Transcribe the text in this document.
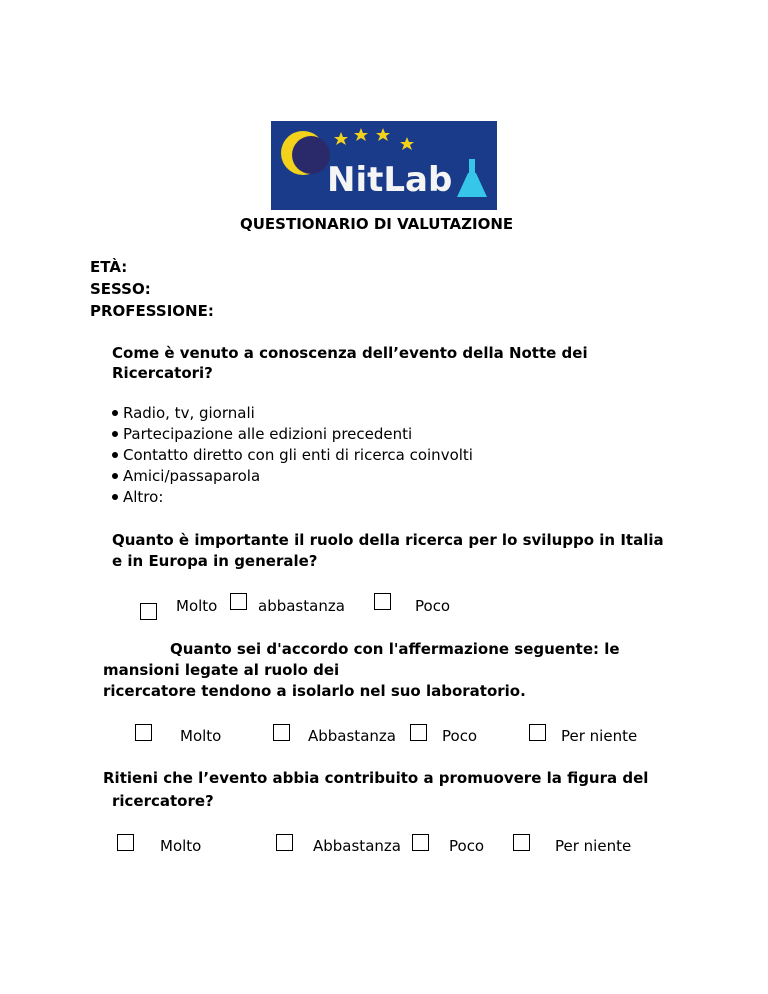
NitLab
QUESTIONARIO DI VALUTAZIONE
ETÀ:
SESSO:
PROFESSIONE:
Come è venuto a conoscenza dell’evento della Notte dei
Ricercatori?
Radio, tv, giornali
Partecipazione alle edizioni precedenti
Contatto diretto con gli enti di ricerca coinvolti
Amici/passaparola
Altro:
Quanto è importante il ruolo della ricerca per lo sviluppo in Italia
e in Europa in generale?
Molto	abbastanza	Poco
Quanto sei d'accordo con l'affermazione seguente: le
mansioni legate al ruolo dei
ricercatore tendono a isolarlo nel suo laboratorio.
Molto	Abbastanza	Poco	Per niente
Ritieni che l’evento abbia contribuito a promuovere la figura del
ricercatore?
Molto	Abbastanza	Poco	Per niente
